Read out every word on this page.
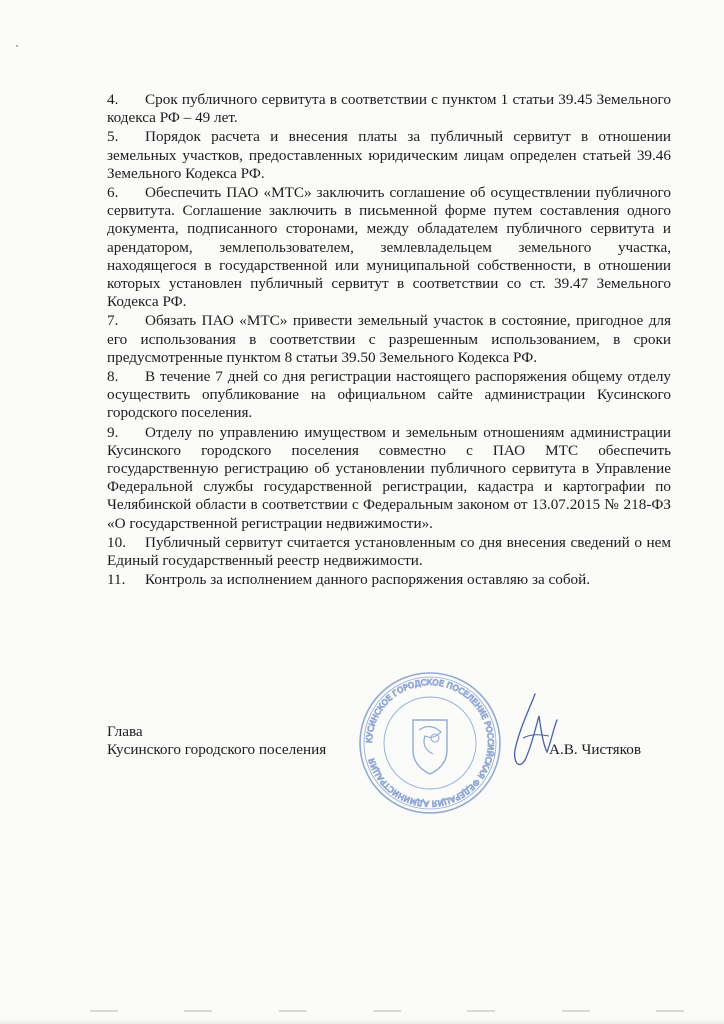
4. Срок публичного сервитута в соответствии с пунктом 1 статьи 39.45 Земельного кодекса РФ – 49 лет.

5. Порядок расчета и внесения платы за публичный сервитут в отношении земельных участков, предоставленных юридическим лицам определен статьей 39.46 Земельного Кодекса РФ.

6. Обеспечить ПАО «МТС» заключить соглашение об осуществлении публичного сервитута. Соглашение заключить в письменной форме путем составления одного документа, подписанного сторонами, между обладателем публичного сервитута и арендатором, землепользователем, землевладельцем земельного участка, находящегося в государственной или муниципальной собственности, в отношении которых установлен публичный сервитут в соответствии со ст. 39.47 Земельного Кодекса РФ.

7. Обязать ПАО «МТС» привести земельный участок в состояние, пригодное для его использования в соответствии с разрешенным использованием, в сроки предусмотренные пунктом 8 статьи 39.50 Земельного Кодекса РФ.

8. В течение 7 дней со дня регистрации настоящего распоряжения общему отделу осуществить опубликование на официальном сайте администрации Кусинского городского поселения.

9. Отделу по управлению имуществом и земельным отношениям администрации Кусинского городского поселения совместно с ПАО МТС обеспечить государственную регистрацию об установлении публичного сервитута в Управление Федеральной службы государственной регистрации, кадастра и картографии по Челябинской области в соответствии с Федеральным законом от 13.07.2015 № 218-ФЗ «О государственной регистрации недвижимости».

10. Публичный сервитут считается установленным со дня внесения сведений о нем Единый государственный реестр недвижимости.

11. Контроль за исполнением данного распоряжения оставляю за собой.

КУСИНСКОЕ ГОРОДСКОЕ ПОСЕЛЕНИЕ РОССИЙСКАЯ ФЕДЕРАЦИЯ АДМИНИСТРАЦИЯ
Глава
Кусинского городского поселения	А.В. Чистяков
